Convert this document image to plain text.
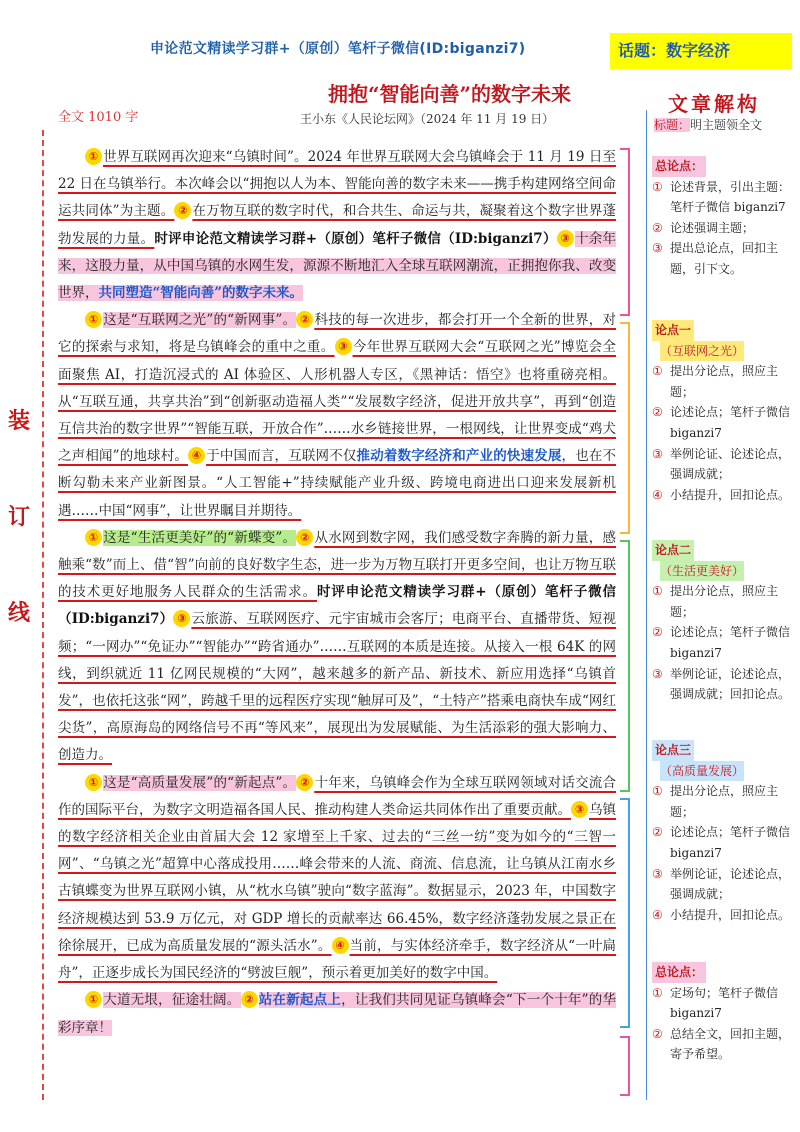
申论范文精读学习群+（原创）笔杆子微信(ID:biganzi7)	话题：数字经济
拥抱“智能向善”的数字未来
王小东《人民论坛网》（2024 年 11 月 19 日）
全文 1010 字
装
订
线

① 世界互联网再次迎来“乌镇时间”。2024 年世界互联网大会乌镇峰会于 11 月 19 日至 22 日在乌镇举行。本次峰会以“拥抱以人为本、智能向善的数字未来——携手构建网络空间命运共同体”为主题。 ② 在万物互联的数字时代，和合共生、命运与共，凝聚着这个数字世界蓬勃发展的力量。时评申论范文精读学习群+（原创）笔杆子微信（ID:biganzi7） ③ 十余年来，这股力量，从中国乌镇的水网生发，源源不断地汇入全球互联网潮流，正拥抱你我、改变世界，共同塑造“智能向善”的数字未来。

① 这是“互联网之光”的“新网事”。 ② 科技的每一次进步，都会打开一个全新的世界，对它的探索与求知，将是乌镇峰会的重中之重。 ③ 今年世界互联网大会“互联网之光”博览会全面聚焦 AI，打造沉浸式的 AI 体验区、人形机器人专区，《黑神话：悟空》也将重磅亮相。从“互联互通，共享共治”到“创新驱动造福人类”“发展数字经济，促进开放共享”，再到“创造互信共治的数字世界”“智能互联，开放合作”……水乡链接世界，一根网线，让世界变成“鸡犬之声相闻”的地球村。 ④ 于中国而言，互联网不仅推动着数字经济和产业的快速发展，也在不断勾勒未来产业新图景。“人工智能+”持续赋能产业升级、跨境电商进出口迎来发展新机遇……中国“网事”，让世界瞩目并期待。

① 这是“生活更美好”的“新蝶变”。 ② 从水网到数字网，我们感受数字奔腾的新力量，感触乘“数”而上、借“智”向前的良好数字生态，进一步为万物互联打开更多空间，也让万物互联的技术更好地服务人民群众的生活需求。时评申论范文精读学习群+（原创）笔杆子微信（ID:biganzi7） ③ 云旅游、互联网医疗、元宇宙城市会客厅；电商平台、直播带货、短视频；“一网办”“免证办”“智能办”“跨省通办”……互联网的本质是连接。从接入一根 64K 的网线，到织就近 11 亿网民规模的“大网”，越来越多的新产品、新技术、新应用选择“乌镇首发”，也依托这张“网”，跨越千里的远程医疗实现“触屏可及”，“土特产”搭乘电商快车成“网红尖货”，高原海岛的网络信号不再“等风来”，展现出为发展赋能、为生活添彩的强大影响力、创造力。

① 这是“高质量发展”的“新起点”。 ② 十年来，乌镇峰会作为全球互联网领域对话交流合作的国际平台，为数字文明造福各国人民、推动构建人类命运共同体作出了重要贡献。 ③ 乌镇的数字经济相关企业由首届大会 12 家增至上千家、过去的“三丝一纺”变为如今的“三智一网”、“乌镇之光”超算中心落成投用……峰会带来的人流、商流、信息流，让乌镇从江南水乡古镇蝶变为世界互联网小镇，从“枕水乌镇”驶向“数字蓝海”。数据显示，2023 年，中国数字经济规模达到 53.9 万亿元，对 GDP 增长的贡献率达 66.45%，数字经济蓬勃发展之景正在徐徐展开，已成为高质量发展的“源头活水”。 ④ 当前，与实体经济牵手，数字经济从“一叶扁舟”，正逐步成长为国民经济的“劈波巨舰”，预示着更加美好的数字中国。

① 大道无垠，征途壮阔。 ② 站在新起点上，让我们共同见证乌镇峰会“下一个十年”的华彩序章！

文章解构
标题：明主题领全文
总论点：
① 论述背景，引出主题：笔杆子微信 biganzi7
② 论述强调主题；
③ 提出总论点，回扣主题，引下文。
论点一
（互联网之光）
① 提出分论点，照应主题；
② 论述论点；笔杆子微信 biganzi7
③ 举例论证、论述论点，强调成就；
④ 小结提升，回扣论点。
论点二
（生活更美好）
① 提出分论点，照应主题；
② 论述论点；笔杆子微信 biganzi7
③ 举例论证，论述论点，强调成就；回扣论点。
论点三
（高质量发展）
① 提出分论点，照应主题；
② 论述论点；笔杆子微信 biganzi7
③ 举例论证，论述论点，强调成就；
④ 小结提升，回扣论点。
总论点：
① 定场句；笔杆子微信 biganzi7
② 总结全文，回扣主题，寄予希望。
